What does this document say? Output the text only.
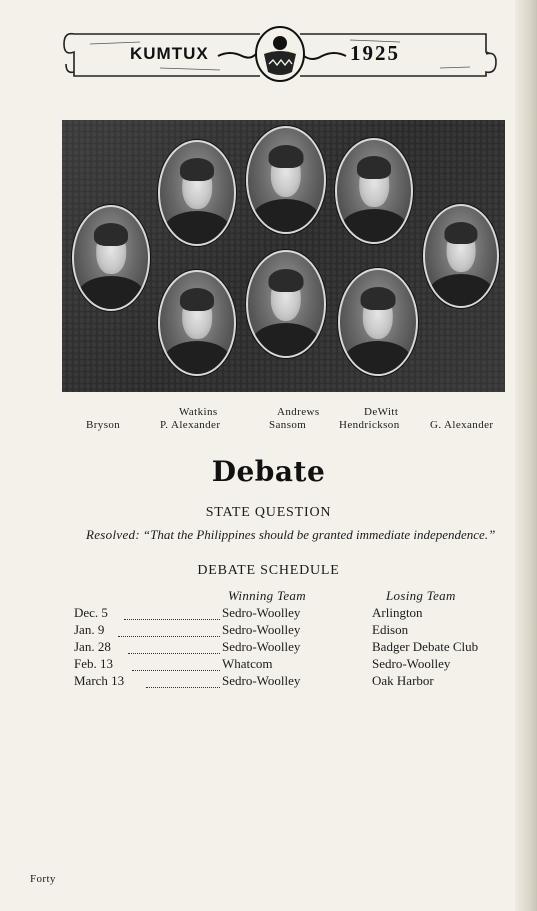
KUMTUX	1925
Bryson
Watkins
P. Alexander
Andrews
Sansom
DeWitt
Hendrickson	G. Alexander
Debate
STATE QUESTION
Resolved: “That the Philippines should be granted immediate independence.”
DEBATE SCHEDULE
Winning Team	Losing Team
Dec. 5	Sedro-Woolley	Arlington
Jan. 9	Sedro-Woolley	Edison
Jan. 28	Sedro-Woolley	Badger Debate Club
Feb. 13	Whatcom	Sedro-Woolley
March 13	Sedro-Woolley	Oak Harbor
Forty
